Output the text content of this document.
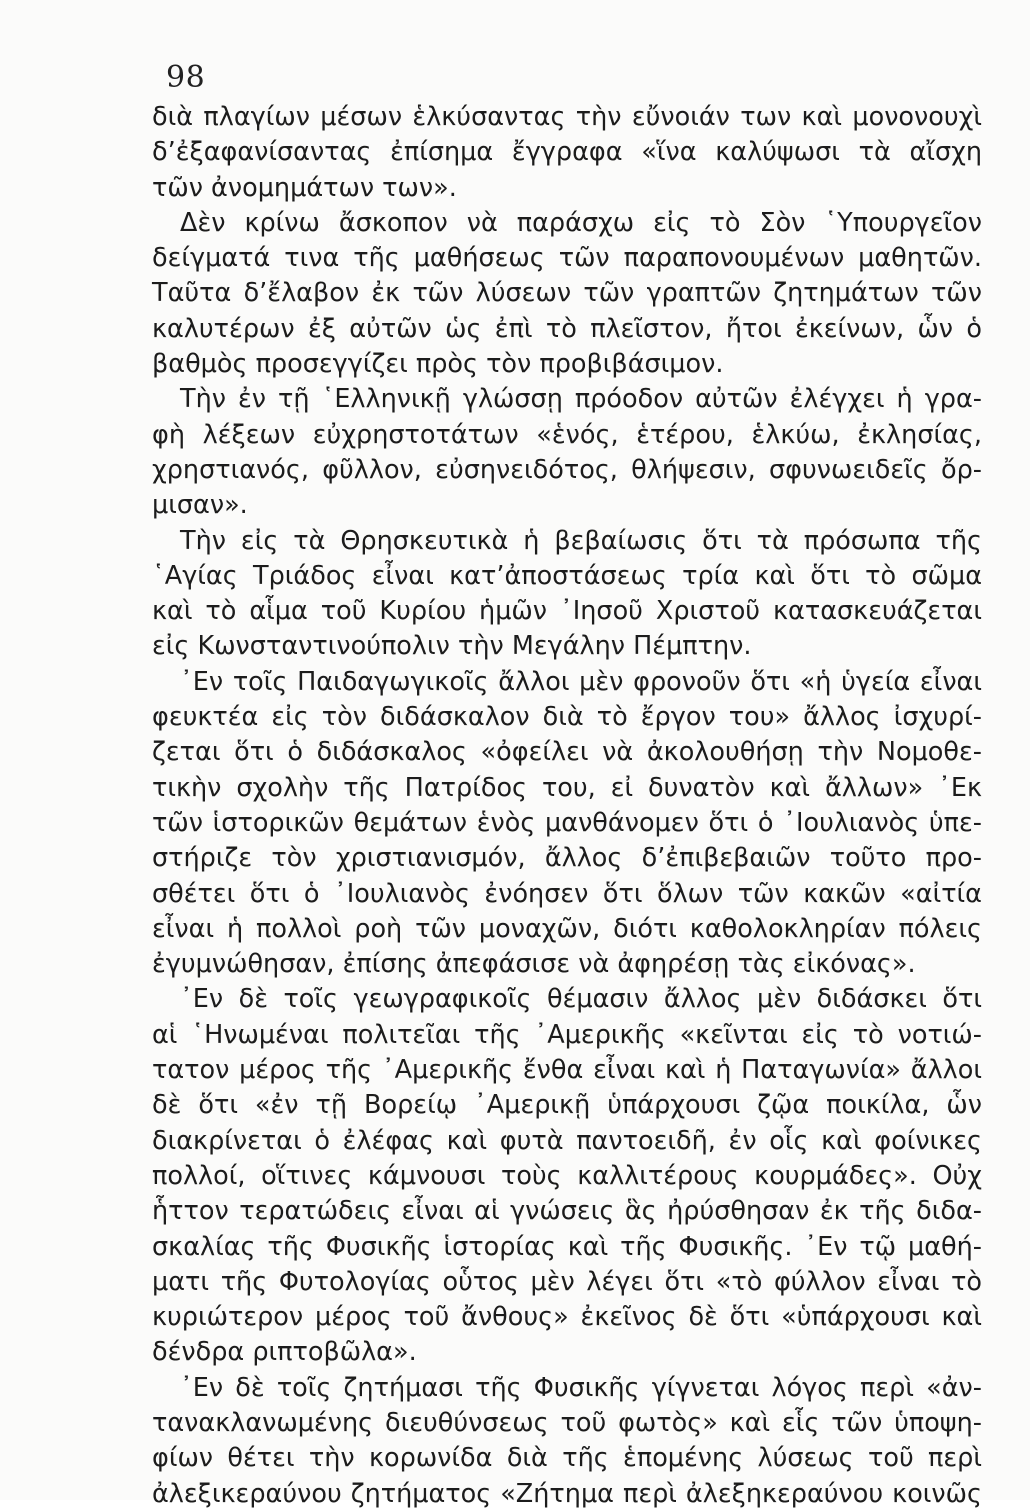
98
διὰ πλαγίων μέσων ἑλκύσαντας τὴν εὔνοιάν των καὶ μονονουχὶ
δ’ἐξαφανίσαντας ἐπίσημα ἔγγραφα «ἵνα καλύψωσι τὰ αἴσχη
τῶν ἀνομημάτων των».
Δὲν κρίνω ἄσκοπον νὰ παράσχω εἰς τὸ Σὸν ῾Υπουργεῖον
δείγματά τινα τῆς μαθήσεως τῶν παραπονουμένων μαθητῶν.
Ταῦτα δ’ἔλαβον ἐκ τῶν λύσεων τῶν γραπτῶν ζητημάτων τῶν
καλυτέρων ἐξ αὐτῶν ὡς ἐπὶ τὸ πλεῖστον, ἤτοι ἐκείνων, ὧν ὁ
βαθμὸς προσεγγίζει πρὸς τὸν προβιβάσιμον.
Τὴν ἐν τῇ ῾Ελληνικῇ γλώσσῃ πρόοδον αὐτῶν ἐλέγχει ἡ γρα-
φὴ λέξεων εὐχρηστοτάτων «ἑνός, ἑτέρου, ἑλκύω, ἐκλησίας,
χρηστιανός, φῦλλον, εὐσηνειδότος, θλήψεσιν, σφυνωειδεῖς ὄρ-
μισαν».
Τὴν εἰς τὰ Θρησκευτικὰ ἡ βεβαίωσις ὅτι τὰ πρόσωπα τῆς
῾Αγίας Τριάδος εἶναι κατ’ἀποστάσεως τρία καὶ ὅτι τὸ σῶμα
καὶ τὸ αἷμα τοῦ Κυρίου ἡμῶν ᾿Ιησοῦ Χριστοῦ κατασκευάζεται
εἰς Κωνσταντινούπολιν τὴν Μεγάλην Πέμπτην.
᾿Εν τοῖς Παιδαγωγικοῖς ἄλλοι μὲν φρονοῦν ὅτι «ἡ ὑγεία εἶναι
φευκτέα εἰς τὸν διδάσκαλον διὰ τὸ ἔργον του» ἄλλος ἰσχυρί-
ζεται ὅτι ὁ διδάσκαλος «ὀφείλει νὰ ἀκολουθήσῃ τὴν Νομοθε-
τικὴν σχολὴν τῆς Πατρίδος του, εἰ δυνατὸν καὶ ἄλλων» ᾿Εκ
τῶν ἱστορικῶν θεμάτων ἑνὸς μανθάνομεν ὅτι ὁ ᾿Ιουλιανὸς ὑπε-
στήριζε τὸν χριστιανισμόν, ἄλλος δ’ἐπιβεβαιῶν τοῦτο προ-
σθέτει ὅτι ὁ ᾿Ιουλιανὸς ἐνόησεν ὅτι ὅλων τῶν κακῶν «αἰτία
εἶναι ἡ πολλοὶ ροὴ τῶν μοναχῶν, διότι καθολοκληρίαν πόλεις
ἐγυμνώθησαν, ἐπίσης ἀπεφάσισε νὰ ἀφηρέσῃ τὰς εἰκόνας».
᾿Εν δὲ τοῖς γεωγραφικοῖς θέμασιν ἄλλος μὲν διδάσκει ὅτι
αἱ ῾Ηνωμέναι πολιτεῖαι τῆς ᾿Αμερικῆς «κεῖνται εἰς τὸ νοτιώ-
τατον μέρος τῆς ᾿Αμερικῆς ἔνθα εἶναι καὶ ἡ Παταγωνία» ἄλλοι
δὲ ὅτι «ἐν τῇ Βορείῳ ᾿Αμερικῇ ὑπάρχουσι ζῷα ποικίλα, ὧν
διακρίνεται ὁ ἐλέφας καὶ φυτὰ παντοειδῆ, ἐν οἷς καὶ φοίνικες
πολλοί, οἵτινες κάμνουσι τοὺς καλλιτέρους κουρμάδες». Οὐχ
ἧττον τερατώδεις εἶναι αἱ γνώσεις ἃς ἠρύσθησαν ἐκ τῆς διδα-
σκαλίας τῆς Φυσικῆς ἱστορίας καὶ τῆς Φυσικῆς. ᾿Εν τῷ μαθή-
ματι τῆς Φυτολογίας οὗτος μὲν λέγει ὅτι «τὸ φύλλον εἶναι τὸ
κυριώτερον μέρος τοῦ ἄνθους» ἐκεῖνος δὲ ὅτι «ὑπάρχουσι καὶ
δένδρα ριπτοβῶλα».
᾿Εν δὲ τοῖς ζητήμασι τῆς Φυσικῆς γίγνεται λόγος περὶ «ἀν-
τανακλανωμένης διευθύνσεως τοῦ φωτὸς» καὶ εἷς τῶν ὑποψη-
φίων θέτει τὴν κορωνίδα διὰ τῆς ἑπομένης λύσεως τοῦ περὶ
ἀλεξικεραύνου ζητήματος «Ζήτημα περὶ ἀλεξηκεραύνου κοινῶς
